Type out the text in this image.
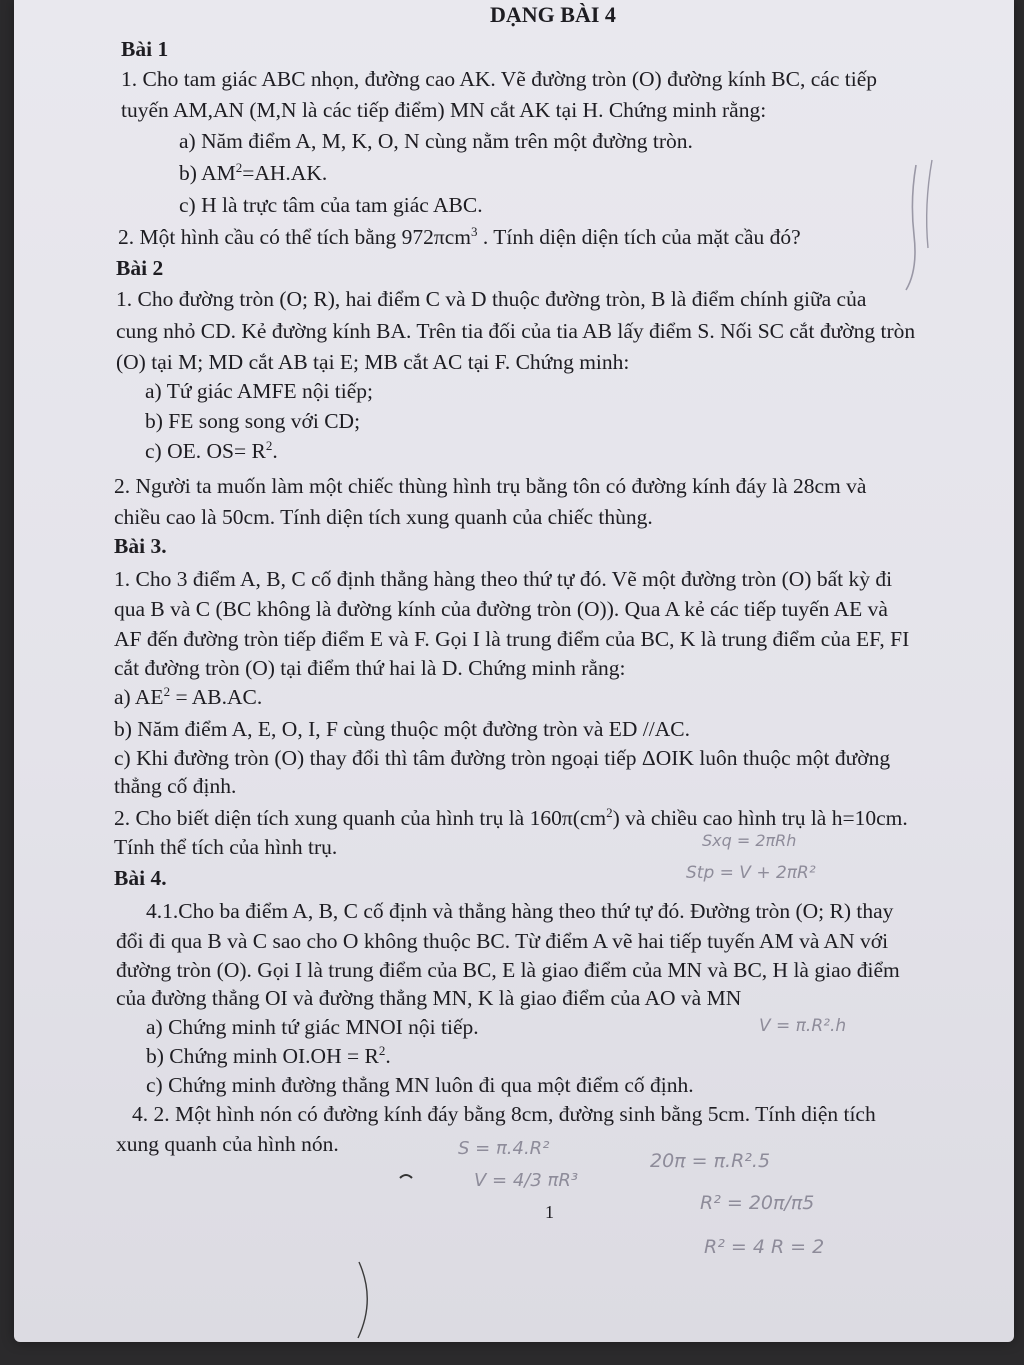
DẠNG BÀI 4
Bài 1
1. Cho tam giác ABC nhọn, đường cao AK. Vẽ đường tròn (O) đường kính BC, các tiếp
tuyến AM,AN (M,N là các tiếp điểm) MN cắt AK tại H. Chứng minh rằng:
a) Năm điểm A, M, K, O, N cùng nằm trên một đường tròn.
b) $AM^2=AH.AK$.
c) H là trực tâm của tam giác ABC.
2. Một hình cầu có thể tích bằng 972πcm$^3$ . Tính diện diện tích của mặt cầu đó?
Bài 2
1. Cho đường tròn (O; R), hai điểm C và D thuộc đường tròn, B là điểm chính giữa của
cung nhỏ CD. Kẻ đường kính BA. Trên tia đối của tia AB lấy điểm S. Nối SC cắt đường tròn
(O) tại M; MD cắt AB tại E; MB cắt AC tại F. Chứng minh:
a) Tứ giác AMFE nội tiếp;
b) FE song song với CD;
c) OE. $OS= R^2$.
2. Người ta muốn làm một chiếc thùng hình trụ bằng tôn có đường kính đáy là 28cm và
chiều cao là 50cm. Tính diện tích xung quanh của chiếc thùng.
Bài 3.
1. Cho 3 điểm A, B, C cố định thẳng hàng theo thứ tự đó. Vẽ một đường tròn (O) bất kỳ đi
qua B và C (BC không là đường kính của đường tròn (O)). Qua A kẻ các tiếp tuyến AE và
AF đến đường tròn tiếp điểm E và F. Gọi I là trung điểm của BC, K là trung điểm của EF, FI
cắt đường tròn (O) tại điểm thứ hai là D. Chứng minh rằng:
a) $AE^2 = AB.AC$.
b) Năm điểm A, E, O, I, F cùng thuộc một đường tròn và ED //AC.
c) Khi đường tròn (O) thay đổi thì tâm đường tròn ngoại tiếp ΔOIK luôn thuộc một đường
thẳng cố định.
2. Cho biết diện tích xung quanh của hình trụ là $160\pi(cm^2)$ và chiều cao hình trụ là h=10cm.
Tính thể tích của hình trụ.
Bài 4.
4.1.Cho ba điểm A, B, C cố định và thẳng hàng theo thứ tự đó. Đường tròn (O; R) thay
đổi đi qua B và C sao cho O không thuộc BC. Từ điểm A vẽ hai tiếp tuyến AM và AN với
đường tròn (O). Gọi I là trung điểm của BC, E là giao điểm của MN và BC, H là giao điểm
của đường thẳng OI và đường thẳng MN, K là giao điểm của AO và MN
a) Chứng minh tứ giác MNOI nội tiếp.
b) Chứng minh $OI.OH = R^2$.
c) Chứng minh đường thẳng MN luôn đi qua một điểm cố định.
4. 2. Một hình nón có đường kính đáy bằng 8cm, đường sinh bằng 5cm. Tính diện tích
xung quanh của hình nón.
Sxq = 2πRh
Stp = V + 2πR²
V = π.R².h
S = π.4.R²
V = 4/3 πR³
20π = π.R².5
R² = 20π/π5
R² = 4 R = 2
1
